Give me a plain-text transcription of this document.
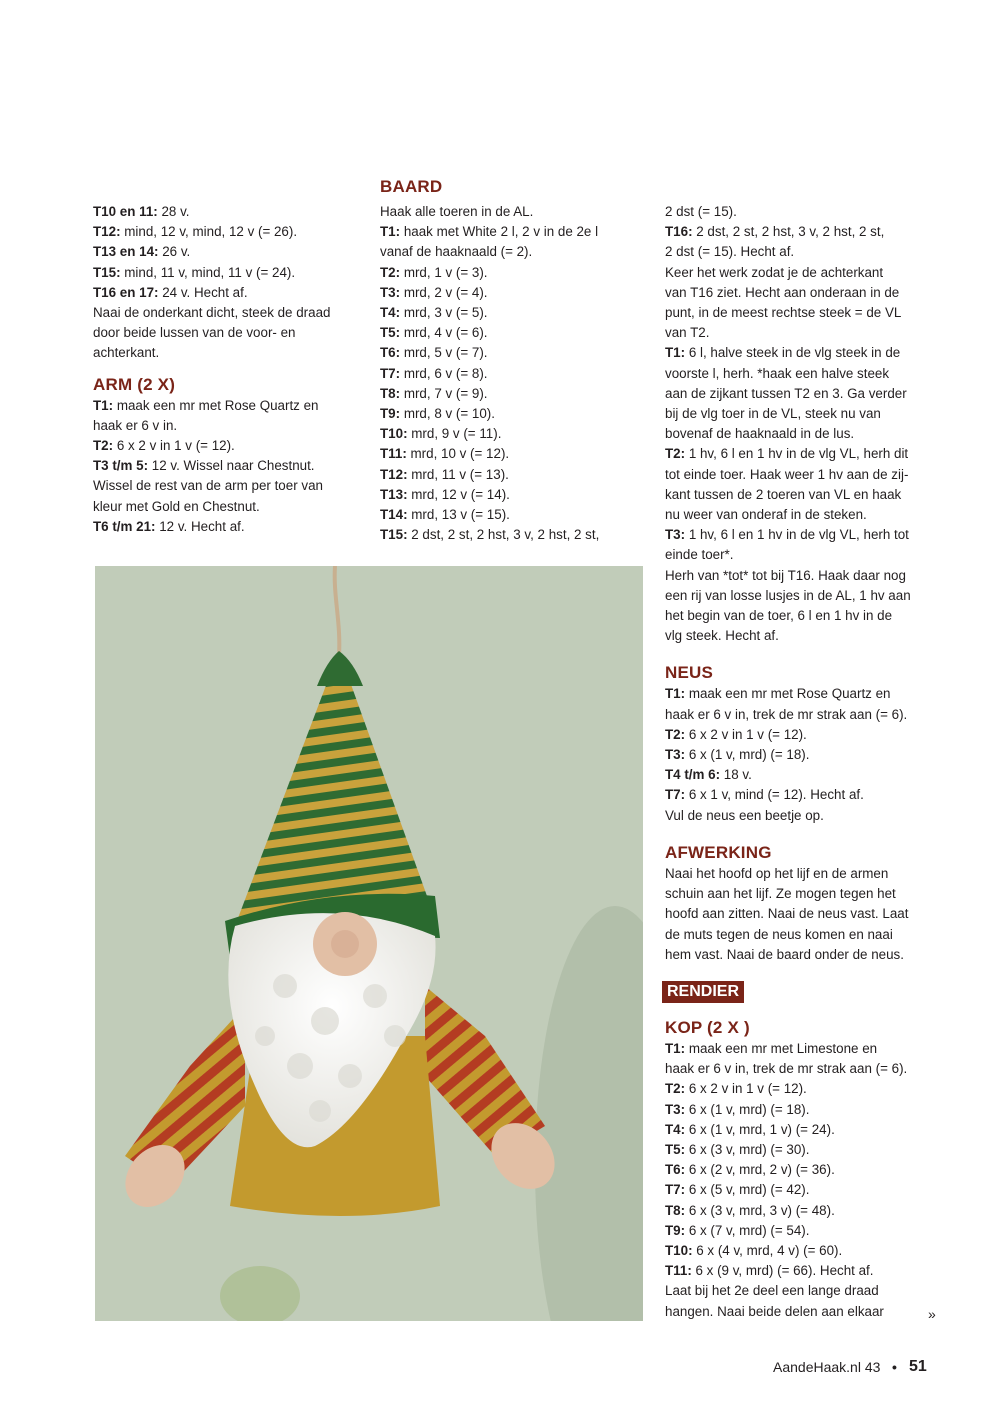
T10 en 11: 28 v.

T12: mind, 12 v, mind, 12 v (= 26).

T13 en 14: 26 v.

T15: mind, 11 v, mind, 11 v (= 24).

T16 en 17: 24 v. Hecht af.

Naai de onderkant dicht, steek de draad

door beide lussen van de voor- en

achterkant.

ARM (2 X)

T1: maak een mr met Rose Quartz en

haak er 6 v in.

T2: 6 x 2 v in 1 v (= 12).

T3 t/m 5: 12 v. Wissel naar Chestnut.

Wissel de rest van de arm per toer van

kleur met Gold en Chestnut.

T6 t/m 21: 12 v. Hecht af.

BAARD

Haak alle toeren in de AL.

T1: haak met White 2 l, 2 v in de 2e l

vanaf de haaknaald (= 2).

T2: mrd, 1 v (= 3).

T3: mrd, 2 v (= 4).

T4: mrd, 3 v (= 5).

T5: mrd, 4 v (= 6).

T6: mrd, 5 v (= 7).

T7: mrd, 6 v (= 8).

T8: mrd, 7 v (= 9).

T9: mrd, 8 v (= 10).

T10: mrd, 9 v (= 11).

T11: mrd, 10 v (= 12).

T12: mrd, 11 v (= 13).

T13: mrd, 12 v (= 14).

T14: mrd, 13 v (= 15).

T15: 2 dst, 2 st, 2 hst, 3 v, 2 hst, 2 st,

2 dst (= 15).

T16: 2 dst, 2 st, 2 hst, 3 v, 2 hst, 2 st,

2 dst (= 15). Hecht af.

Keer het werk zodat je de achterkant

van T16 ziet. Hecht aan onderaan in de

punt, in de meest rechtse steek = de VL

van T2.

T1: 6 l, halve steek in de vlg steek in de

voorste l, herh. *haak een halve steek

aan de zijkant tussen T2 en 3. Ga verder

bij de vlg toer in de VL, steek nu van

bovenaf de haaknaald in de lus.

T2: 1 hv, 6 l en 1 hv in de vlg VL, herh dit

tot einde toer. Haak weer 1 hv aan de zij-

kant tussen de 2 toeren van VL en haak

nu weer van onderaf in de steken.

T3: 1 hv, 6 l en 1 hv in de vlg VL, herh tot

einde toer*.

Herh van *tot* tot bij T16. Haak daar nog

een rij van losse lusjes in de AL, 1 hv aan

het begin van de toer, 6 l en 1 hv in de

vlg steek. Hecht af.

NEUS

T1: maak een mr met Rose Quartz en

haak er 6 v in, trek de mr strak aan (= 6).

T2: 6 x 2 v in 1 v (= 12).

T3: 6 x (1 v, mrd) (= 18).

T4 t/m 6: 18 v.

T7: 6 x 1 v, mind (= 12). Hecht af.

Vul de neus een beetje op.

AFWERKING

Naai het hoofd op het lijf en de armen

schuin aan het lijf. Ze mogen tegen het

hoofd aan zitten. Naai de neus vast. Laat

de muts tegen de neus komen en naai

hem vast. Naai de baard onder de neus.

RENDIER

KOP (2 X )

T1: maak een mr met Limestone en

haak er 6 v in, trek de mr strak aan (= 6).

T2: 6 x 2 v in 1 v (= 12).

T3: 6 x (1 v, mrd) (= 18).

T4: 6 x (1 v, mrd, 1 v) (= 24).

T5: 6 x (3 v, mrd) (= 30).

T6: 6 x (2 v, mrd, 2 v) (= 36).

T7: 6 x (5 v, mrd) (= 42).

T8: 6 x (3 v, mrd, 3 v) (= 48).

T9: 6 x (7 v, mrd) (= 54).

T10: 6 x (4 v, mrd, 4 v) (= 60).

T11: 6 x (9 v, mrd) (= 66). Hecht af.

Laat bij het 2e deel een lange draad

hangen. Naai beide delen aan elkaar	»
AandeHaak.nl 43 • 51
